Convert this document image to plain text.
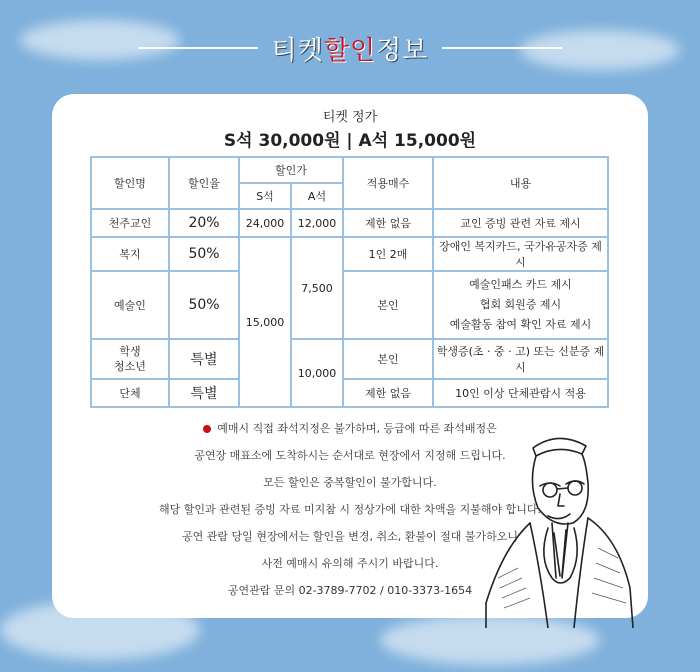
티켓할인정보
티켓 정가
S석 30,000원 | A석 15,000원
할인명	할인율	할인가		적용매수	내용
		S석	A석		
천주교인	20%	24,000	12,000	제한 없음	교인 증빙 관련 자료 제시
복지	50%	15,000	7,500	1인 2매	장애인 복지카드, 국가유공자증 제시
예술인	50%			본인	예술인패스 카드 제시
협회 회원증 제시
예술활동 참여 확인 자료 제시

학생
청소년	특별		10,000	본인	학생증(초 · 중 · 고) 또는 신분증 제시
단체	특별			제한 없음	10인 이상 단체관람시 적용
예매시 직접 좌석지정은 불가하며, 등급에 따른 좌석배정은
공연장 매표소에 도착하시는 순서대로 현장에서 지정해 드립니다.
모든 할인은 중복할인이 불가합니다.
해당 할인과 관련된 증빙 자료 미지참 시 정상가에 대한 차액을 지불해야 합니다.
공연 관람 당일 현장에서는 할인을 변경, 취소, 환불이 절대 불가하오니
사전 예매시 유의해 주시기 바랍니다.
공연관람 문의 02-3789-7702 / 010-3373-1654
